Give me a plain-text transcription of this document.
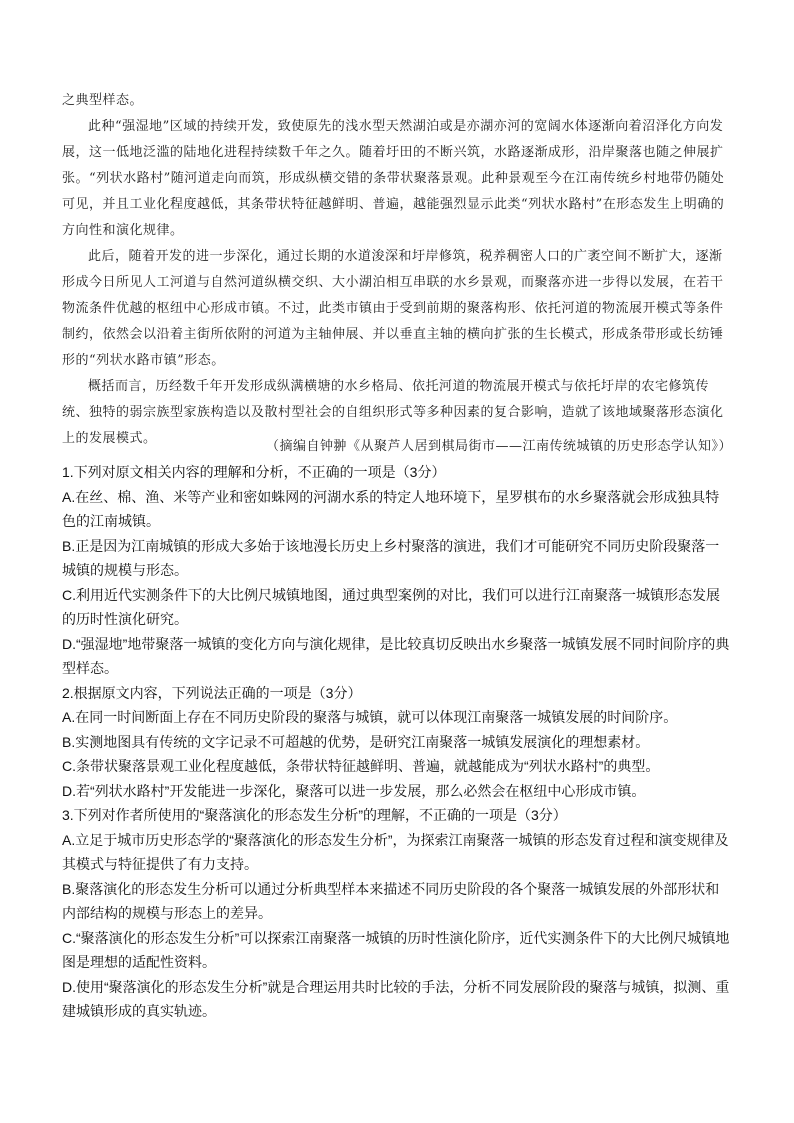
之典型样态。

此种“强湿地”区域的持续开发，致使原先的浅水型天然湖泊或是亦湖亦河的宽阔水体逐渐向着沼泽化方向发展，这一低地泛滥的陆地化进程持续数千年之久。随着圩田的不断兴筑，水路逐渐成形，沿岸聚落也随之伸展扩张。“列状水路村”随河道走向而筑，形成纵横交错的条带状聚落景观。此种景观至今在江南传统乡村地带仍随处可见，并且工业化程度越低，其条带状特征越鲜明、普遍，越能强烈显示此类“列状水路村”在形态发生上明确的方向性和演化规律。

此后，随着开发的进一步深化，通过长期的水道浚深和圩岸修筑，税养稠密人口的广袤空间不断扩大，逐渐形成今日所见人工河道与自然河道纵横交织、大小湖泊相互串联的水乡景观，而聚落亦进一步得以发展，在若干物流条件优越的枢纽中心形成市镇。不过，此类市镇由于受到前期的聚落构形、依托河道的物流展开模式等条件制约，依然会以沿着主街所依附的河道为主轴伸展、并以垂直主轴的横向扩张的生长模式，形成条带形或长纺锤形的“列状水路市镇”形态。

概括而言，历经数千年开发形成纵满横塘的水乡格局、依托河道的物流展开模式与依托圩岸的农宅修筑传统、独特的弱宗族型家族构造以及散村型社会的自组织形式等多种因素的复合影响，造就了该地域聚落形态演化上的发展模式。

（摘编自钟翀《从聚芦人居到棋局街市——江南传统城镇的历史形态学认知》）

1.下列对原文相关内容的理解和分析，不正确的一项是（3分）

A.在丝、棉、渔、米等产业和密如蛛网的河湖水系的特定人地环境下，星罗棋布的水乡聚落就会形成独具特色的江南城镇。

B.正是因为江南城镇的形成大多始于该地漫长历史上乡村聚落的演进，我们才可能研究不同历史阶段聚落一城镇的规模与形态。

C.利用近代实测条件下的大比例尺城镇地图，通过典型案例的对比，我们可以进行江南聚落一城镇形态发展的历时性演化研究。

D.“强湿地”地带聚落一城镇的变化方向与演化规律，是比较真切反映出水乡聚落一城镇发展不同时间阶序的典型样态。

2.根据原文内容，下列说法正确的一项是（3分）

A.在同一时间断面上存在不同历史阶段的聚落与城镇，就可以体现江南聚落一城镇发展的时间阶序。

B.实测地图具有传统的文字记录不可超越的优势，是研究江南聚落一城镇发展演化的理想素材。

C.条带状聚落景观工业化程度越低，条带状特征越鲜明、普遍，就越能成为“列状水路村”的典型。

D.若“列状水路村”开发能进一步深化，聚落可以进一步发展，那么必然会在枢纽中心形成市镇。

3.下列对作者所使用的“聚落演化的形态发生分析”的理解，不正确的一项是（3分）

A.立足于城市历史形态学的“聚落演化的形态发生分析”，为探索江南聚落一城镇的形态发育过程和演变规律及其模式与特征提供了有力支持。

B.聚落演化的形态发生分析可以通过分析典型样本来描述不同历史阶段的各个聚落一城镇发展的外部形状和内部结构的规模与形态上的差异。

C.“聚落演化的形态发生分析”可以探索江南聚落一城镇的历时性演化阶序，近代实测条件下的大比例尺城镇地图是理想的适配性资料。

D.使用“聚落演化的形态发生分析”就是合理运用共时比较的手法，分析不同发展阶段的聚落与城镇，拟测、重建城镇形成的真实轨迹。
